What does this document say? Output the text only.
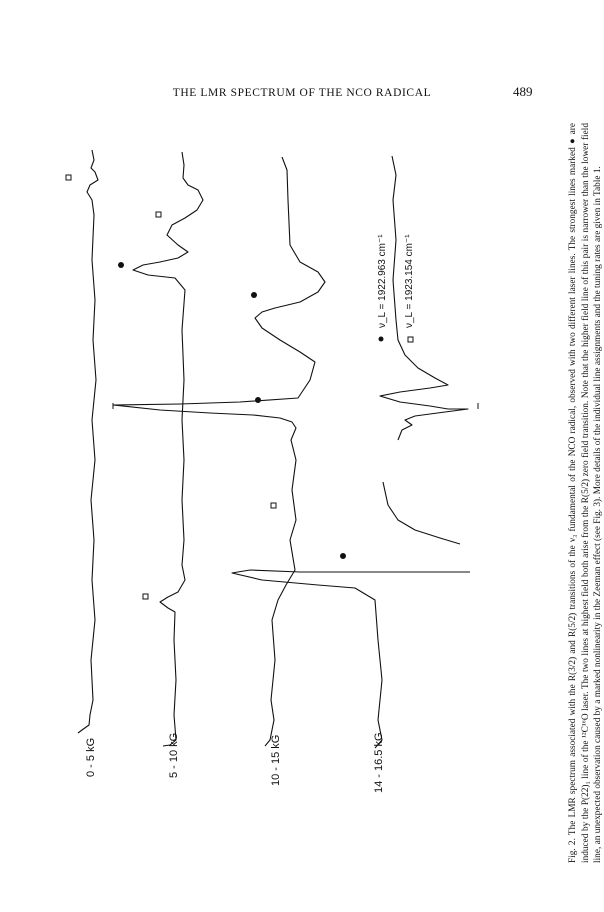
THE LMR SPECTRUM OF THE NCO RADICAL	489
0 - 5 kG	5 - 10 kG	10 - 15 kG	14 - 16.5 kG
ν_L = 1922.963 cm⁻¹ ν_L = 1923.154 cm⁻¹	Fig. 2. The LMR spectrum associated with the R(3/2) and R(5/2) transitions of the ν₃ fundamental of the NCO radical, observed with two different laser lines. The strongest lines marked ● are induced by the P(22)₁ line of the ¹²C¹⁶O laser. The two lines at highest field both arise from the R(5/2) zero field transition. Note that the higher field line of this pair is narrower than the lower field line, an unexpected observation caused by a marked nonlinearity in the Zeeman effect (see Fig. 3). More details of the individual line assignments and the tuning rates are given in Table 1.
